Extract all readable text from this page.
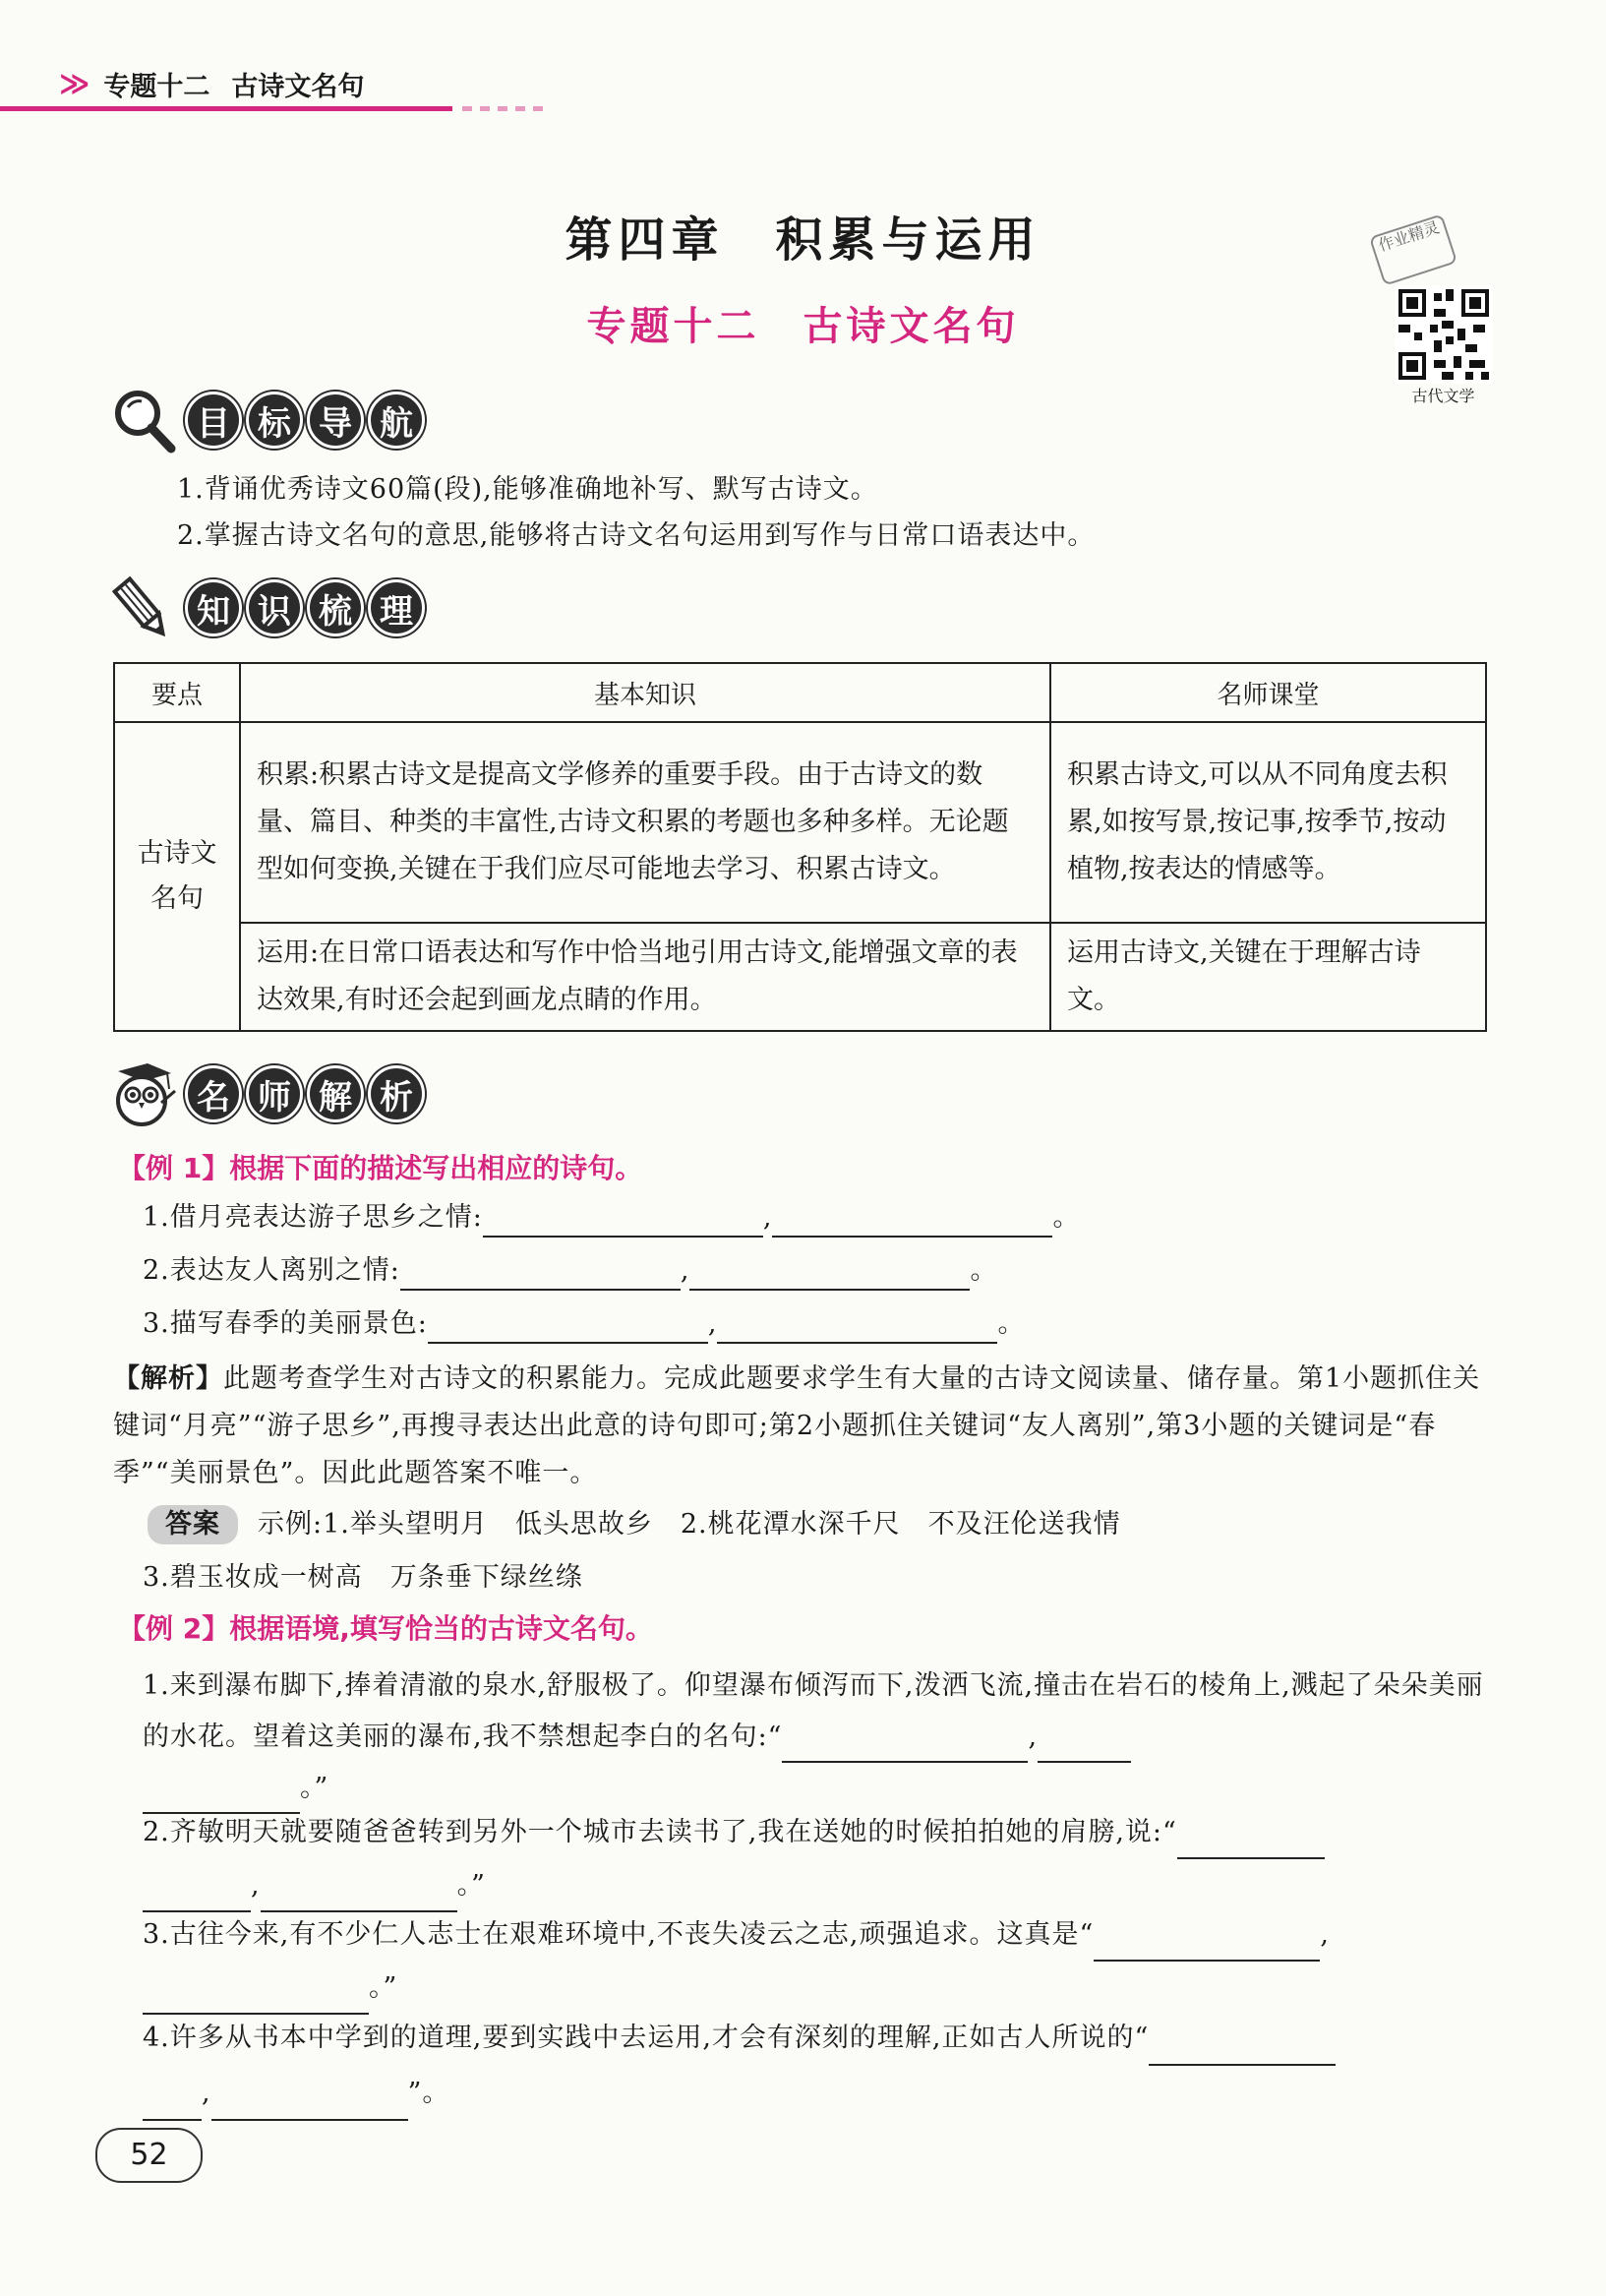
≫ 专题十二 古诗文名句
第四章 积累与运用
专题十二 古诗文名句
作业精灵
古代文学
目 标 导 航
1.背诵优秀诗文60篇(段),能够准确地补写、默写古诗文。
2.掌握古诗文名句的意思,能够将古诗文名句运用到写作与日常口语表达中。
知 识 梳 理
要点	基本知识	名师课堂
古诗文
名句	积累:积累古诗文是提高文学修养的重要手段。由于古诗文的数量、篇目、种类的丰富性,古诗文积累的考题也多种多样。无论题型如何变换,关键在于我们应尽可能地去学习、积累古诗文。	积累古诗文,可以从不同角度去积累,如按写景,按记事,按季节,按动植物,按表达的情感等。
	运用:在日常口语表达和写作中恰当地引用古诗文,能增强文章的表达效果,有时还会起到画龙点睛的作用。	运用古诗文,关键在于理解古诗文。
名 师 解 析
【例 1】根据下面的描述写出相应的诗句。
1.借月亮表达游子思乡之情:	,	。
2.表达友人离别之情:	,	。
3.描写春季的美丽景色:	,	。
【解析】此题考查学生对古诗文的积累能力。完成此题要求学生有大量的古诗文阅读量、储存量。第1小题抓住关键词“月亮”“游子思乡”,再搜寻表达出此意的诗句即可;第2小题抓住关键词“友人离别”,第3小题的关键词是“春季”“美丽景色”。因此此题答案不唯一。
答案 示例:1.举头望明月　低头思故乡　2.桃花潭水深千尺　不及汪伦送我情
3.碧玉妆成一树高　万条垂下绿丝绦
【例 2】根据语境,填写恰当的古诗文名句。
1.来到瀑布脚下,捧着清澈的泉水,舒服极了。仰望瀑布倾泻而下,泼洒飞流,撞击在岩石的棱角上,溅起了朵朵美丽的水花。望着这美丽的瀑布,我不禁想起李白的名句:“	,
。”
2.齐敏明天就要随爸爸转到另外一个城市去读书了,我在送她的时候拍拍她的肩膀,说:“
,	。”
3.古往今来,有不少仁人志士在艰难环境中,不丧失凌云之志,顽强追求。这真是“	,
。”
4.许多从书本中学到的道理,要到实践中去运用,才会有深刻的理解,正如古人所说的“
,	”。
52
